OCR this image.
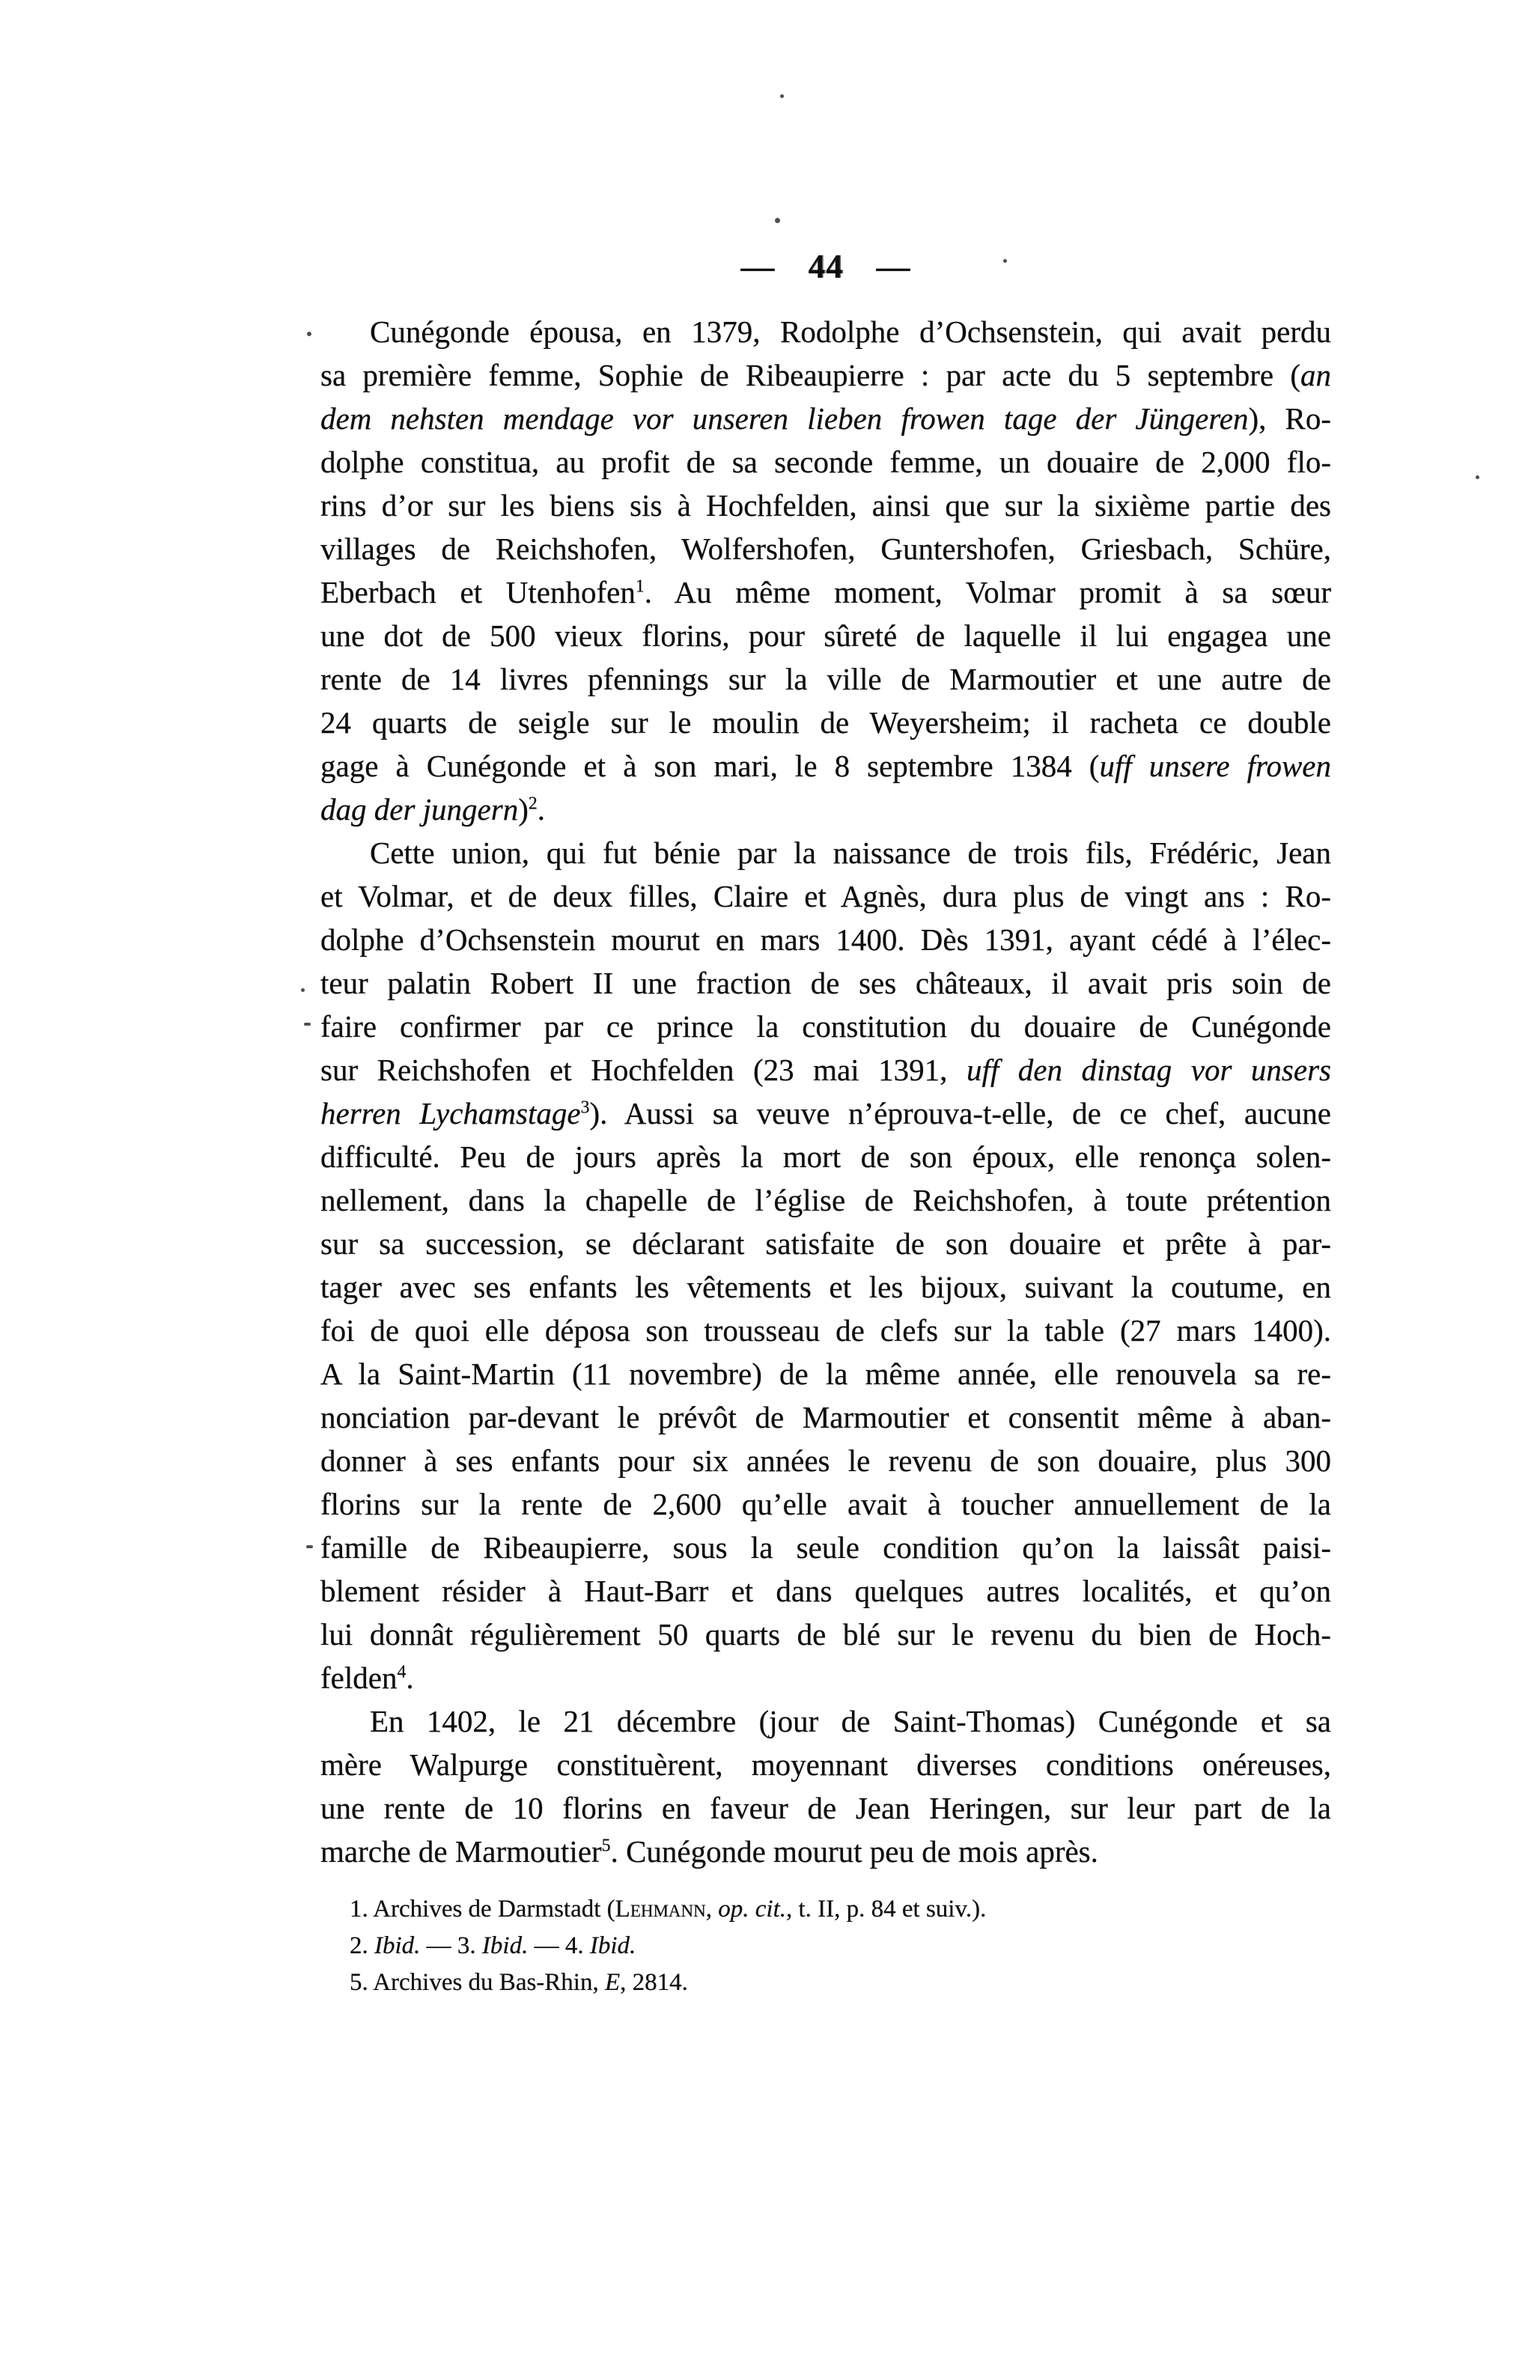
— 44 —
Cunégonde épousa, en 1379, Rodolphe d’Ochsenstein, qui avait perdu
sa première femme, Sophie de Ribeaupierre : par acte du 5 septembre (an
dem nehsten mendage vor unseren lieben frowen tage der Jüngeren), Ro-
dolphe constitua, au profit de sa seconde femme, un douaire de 2,000 flo-
rins d’or sur les biens sis à Hochfelden, ainsi que sur la sixième partie des
villages de Reichshofen, Wolfershofen, Guntershofen, Griesbach, Schüre,
Eberbach et Utenhofen$^1$. Au même moment, Volmar promit à sa sœur
une dot de 500 vieux florins, pour sûreté de laquelle il lui engagea une
rente de 14 livres pfennings sur la ville de Marmoutier et une autre de
24 quarts de seigle sur le moulin de Weyersheim; il racheta ce double
gage à Cunégonde et à son mari, le 8 septembre 1384 (uff unsere frowen
dag der jungern)$^2$.
Cette union, qui fut bénie par la naissance de trois fils, Frédéric, Jean
et Volmar, et de deux filles, Claire et Agnès, dura plus de vingt ans : Ro-
dolphe d’Ochsenstein mourut en mars 1400. Dès 1391, ayant cédé à l’élec-
teur palatin Robert II une fraction de ses châteaux, il avait pris soin de
faire confirmer par ce prince la constitution du douaire de Cunégonde
sur Reichshofen et Hochfelden (23 mai 1391, uff den dinstag vor unsers
herren Lychamstage$^3$). Aussi sa veuve n’éprouva-t-elle, de ce chef, aucune
difficulté. Peu de jours après la mort de son époux, elle renonça solen-
nellement, dans la chapelle de l’église de Reichshofen, à toute prétention
sur sa succession, se déclarant satisfaite de son douaire et prête à par-
tager avec ses enfants les vêtements et les bijoux, suivant la coutume, en
foi de quoi elle déposa son trousseau de clefs sur la table (27 mars 1400).
A la Saint-Martin (11 novembre) de la même année, elle renouvela sa re-
nonciation par-devant le prévôt de Marmoutier et consentit même à aban-
donner à ses enfants pour six années le revenu de son douaire, plus 300
florins sur la rente de 2,600 qu’elle avait à toucher annuellement de la
famille de Ribeaupierre, sous la seule condition qu’on la laissât paisi-
blement résider à Haut-Barr et dans quelques autres localités, et qu’on
lui donnât régulièrement 50 quarts de blé sur le revenu du bien de Hoch-
felden$^4$.
En 1402, le 21 décembre (jour de Saint-Thomas) Cunégonde et sa
mère Walpurge constituèrent, moyennant diverses conditions onéreuses,
une rente de 10 florins en faveur de Jean Heringen, sur leur part de la
marche de Marmoutier$^5$. Cunégonde mourut peu de mois après.
1. Archives de Darmstadt (Lehmann, op. cit., t. II, p. 84 et suiv.).
2. Ibid. — 3. Ibid. — 4. Ibid.
5. Archives du Bas-Rhin, E, 2814.
